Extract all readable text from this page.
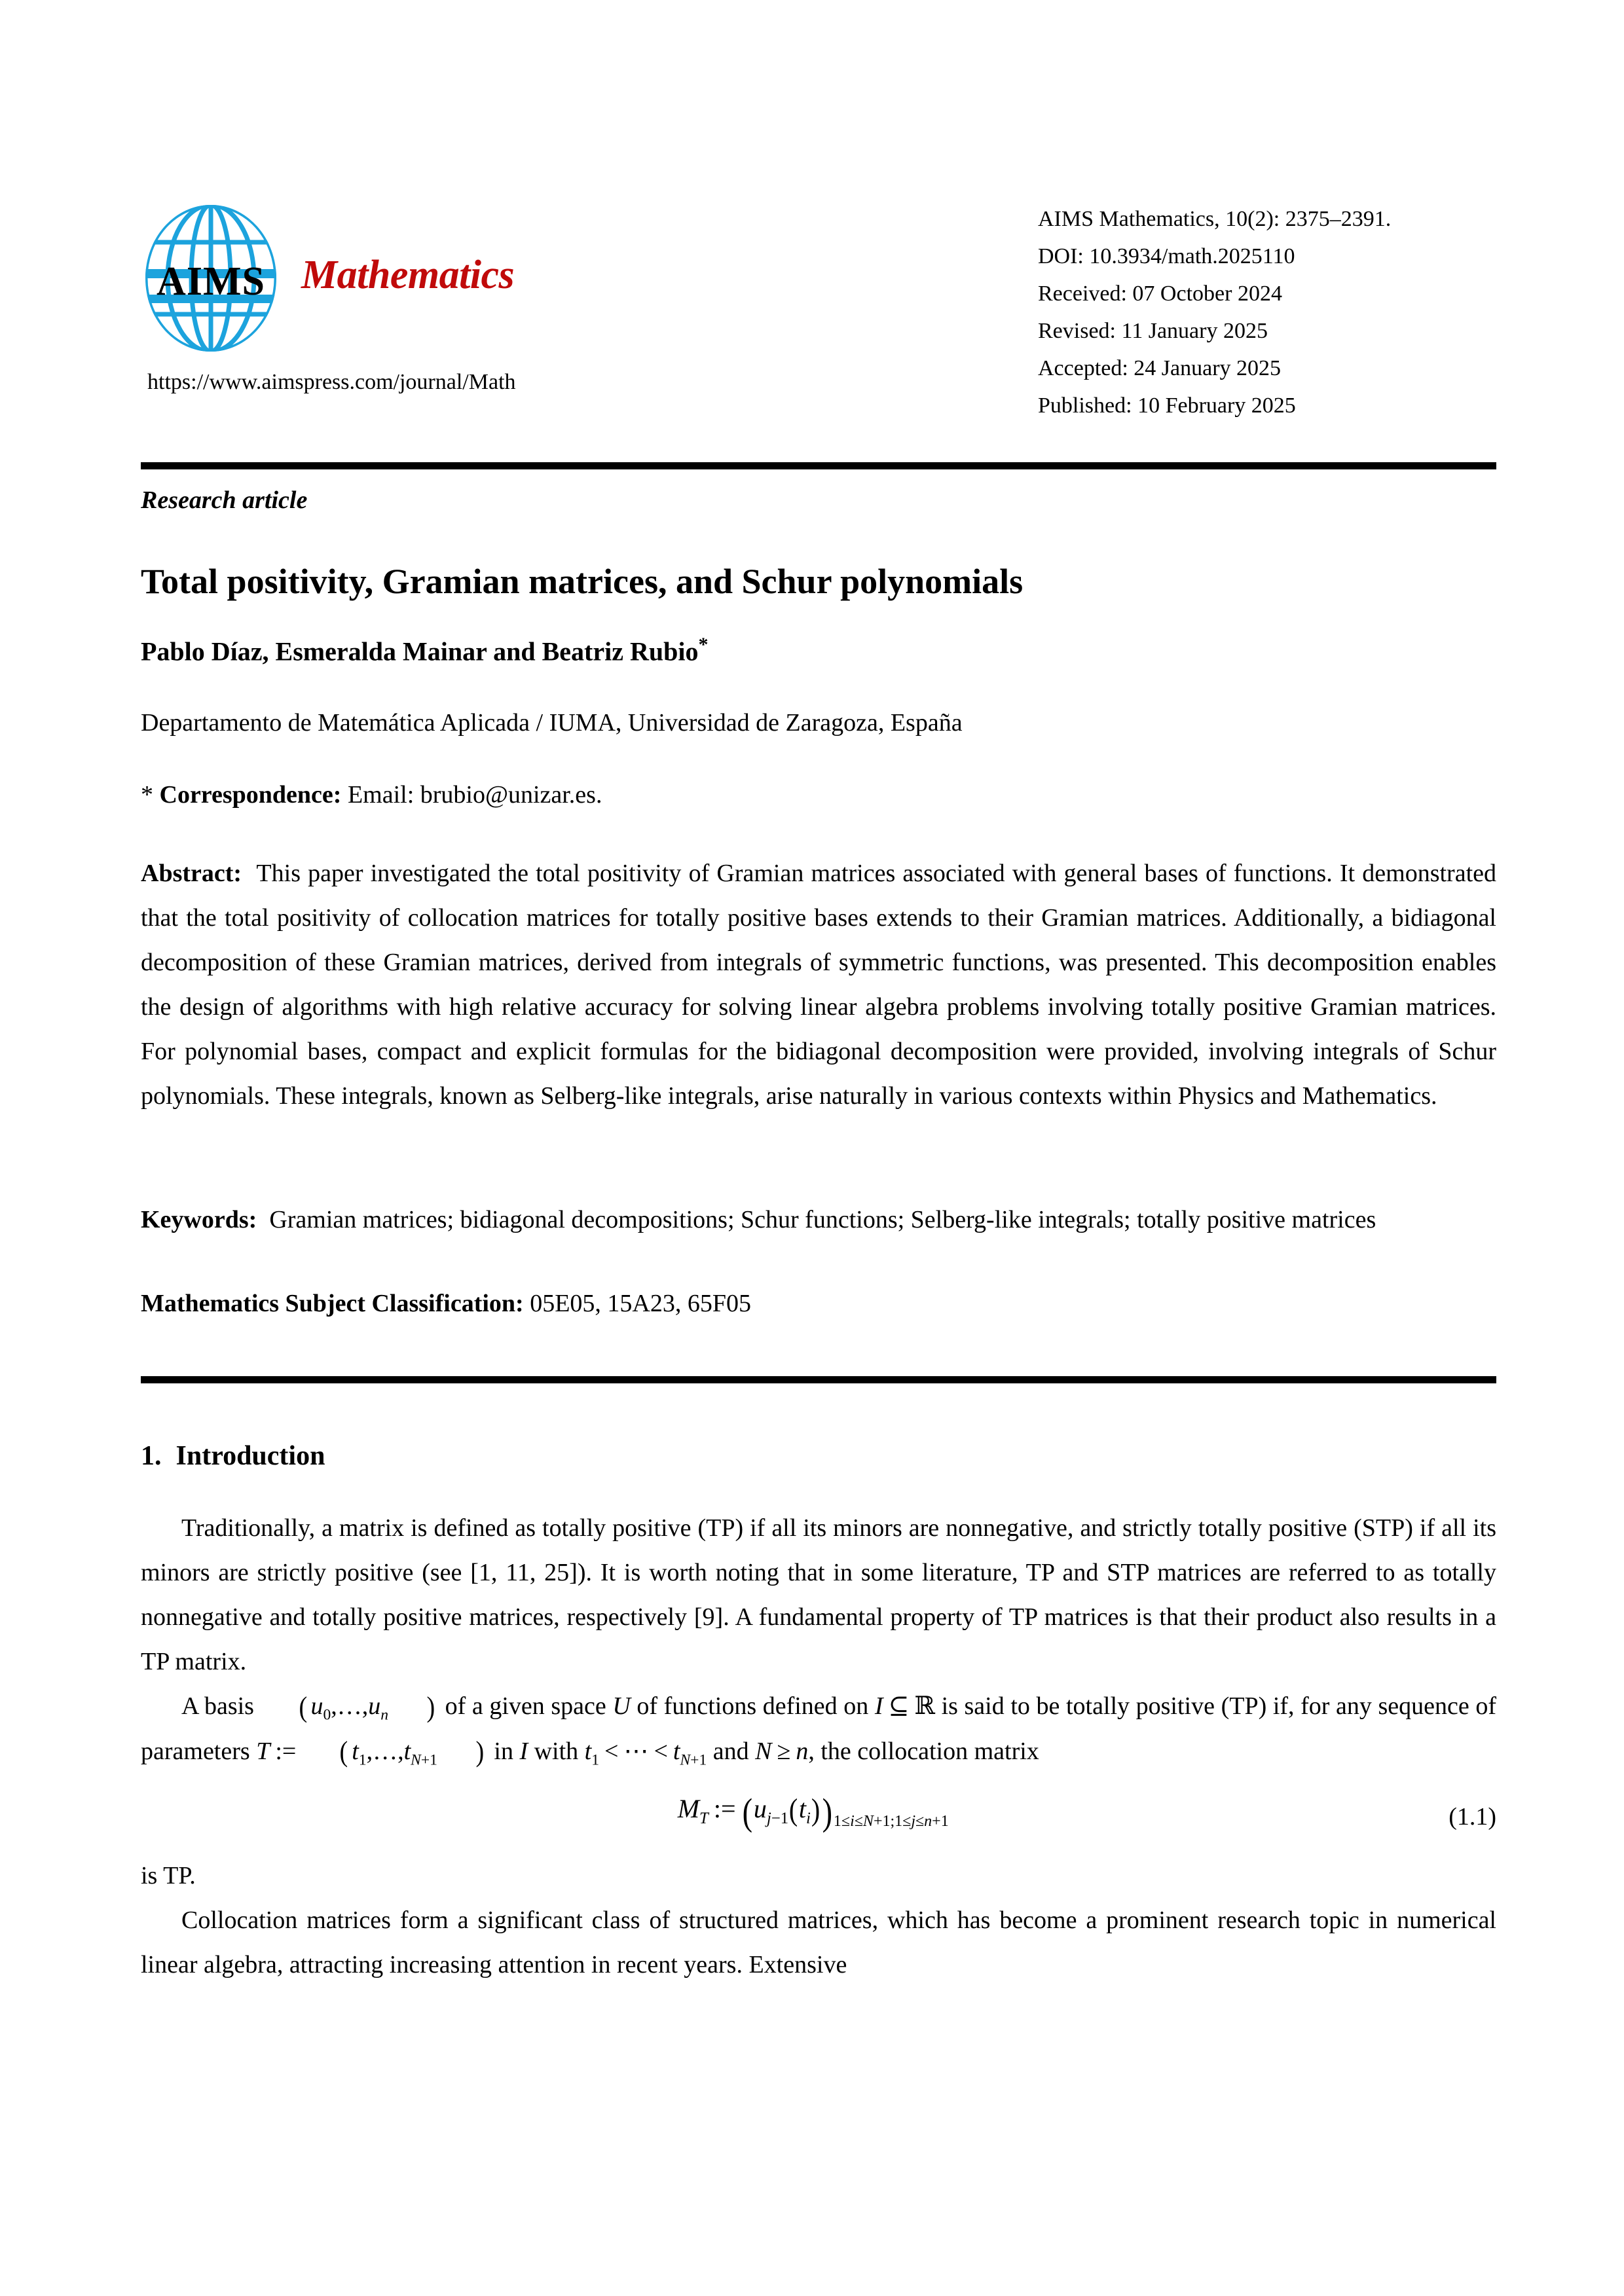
AIMS Mathematics
https://www.aimspress.com/journal/Math
AIMS Mathematics, 10(2): 2375–2391.
DOI: 10.3934/math.2025110
Received: 07 October 2024
Revised: 11 January 2025
Accepted: 24 January 2025
Published: 10 February 2025
Research article
Total positivity, Gramian matrices, and Schur polynomials
Pablo Díaz, Esmeralda Mainar and Beatriz Rubio*
Departamento de Matemática Aplicada / IUMA, Universidad de Zaragoza, España
* Correspondence: Email: brubio@unizar.es.
Abstract: This paper investigated the total positivity of Gramian matrices associated with general bases of functions. It demonstrated that the total positivity of collocation matrices for totally positive bases extends to their Gramian matrices. Additionally, a bidiagonal decomposition of these Gramian matrices, derived from integrals of symmetric functions, was presented. This decomposition enables the design of algorithms with high relative accuracy for solving linear algebra problems involving totally positive Gramian matrices. For polynomial bases, compact and explicit formulas for the bidiagonal decomposition were provided, involving integrals of Schur polynomials. These integrals, known as Selberg-like integrals, arise naturally in various contexts within Physics and Mathematics.
Keywords: Gramian matrices; bidiagonal decompositions; Schur functions; Selberg-like integrals; totally positive matrices
Mathematics Subject Classification: 05E05, 15A23, 65F05
1. Introduction

Traditionally, a matrix is defined as totally positive (TP) if all its minors are nonnegative, and strictly totally positive (STP) if all its minors are strictly positive (see [1, 11, 25]). It is worth noting that in some literature, TP and STP matrices are referred to as totally nonnegative and totally positive matrices, respectively [9]. A fundamental property of TP matrices is that their product also results in a TP matrix.

A basis ( $u_0,\dots,u_n$ ) of a given space U of functions defined on I ⊆ ℝ is said to be totally positive (TP) if, for any sequence of parameters T := ( $t_1,\dots,t_{N+1}$ ) in I with $t_1$ < ⋯ < $t_{N+1}$ and N ≥ n, the collocation matrix

$M_T$ := $(u_{j-1}(t_i))_{1\le i\le N+1;1\le j\le n+1}$	(1.1)

is TP.

Collocation matrices form a significant class of structured matrices, which has become a prominent research topic in numerical linear algebra, attracting increasing attention in recent years. Extensive
